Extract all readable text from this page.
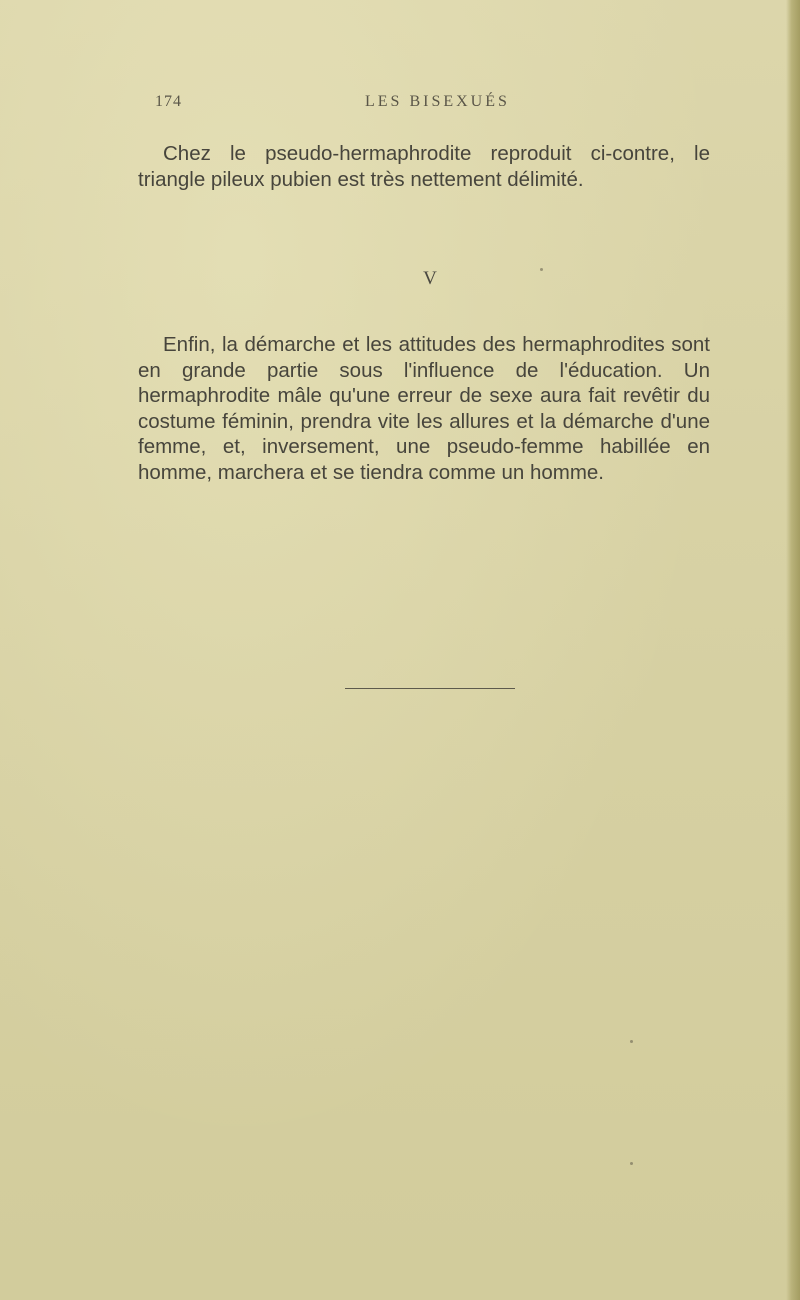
174	LES BISEXUÉS

Chez le pseudo-hermaphrodite reproduit ci-contre, le triangle pileux pubien est très nettement délimité.

V

Enfin, la démarche et les attitudes des hermaphrodites sont en grande partie sous l'influence de l'éducation. Un hermaphrodite mâle qu'une erreur de sexe aura fait revêtir du costume féminin, prendra vite les allures et la démarche d'une femme, et, inversement, une pseudo-femme habillée en homme, marchera et se tiendra comme un homme.
